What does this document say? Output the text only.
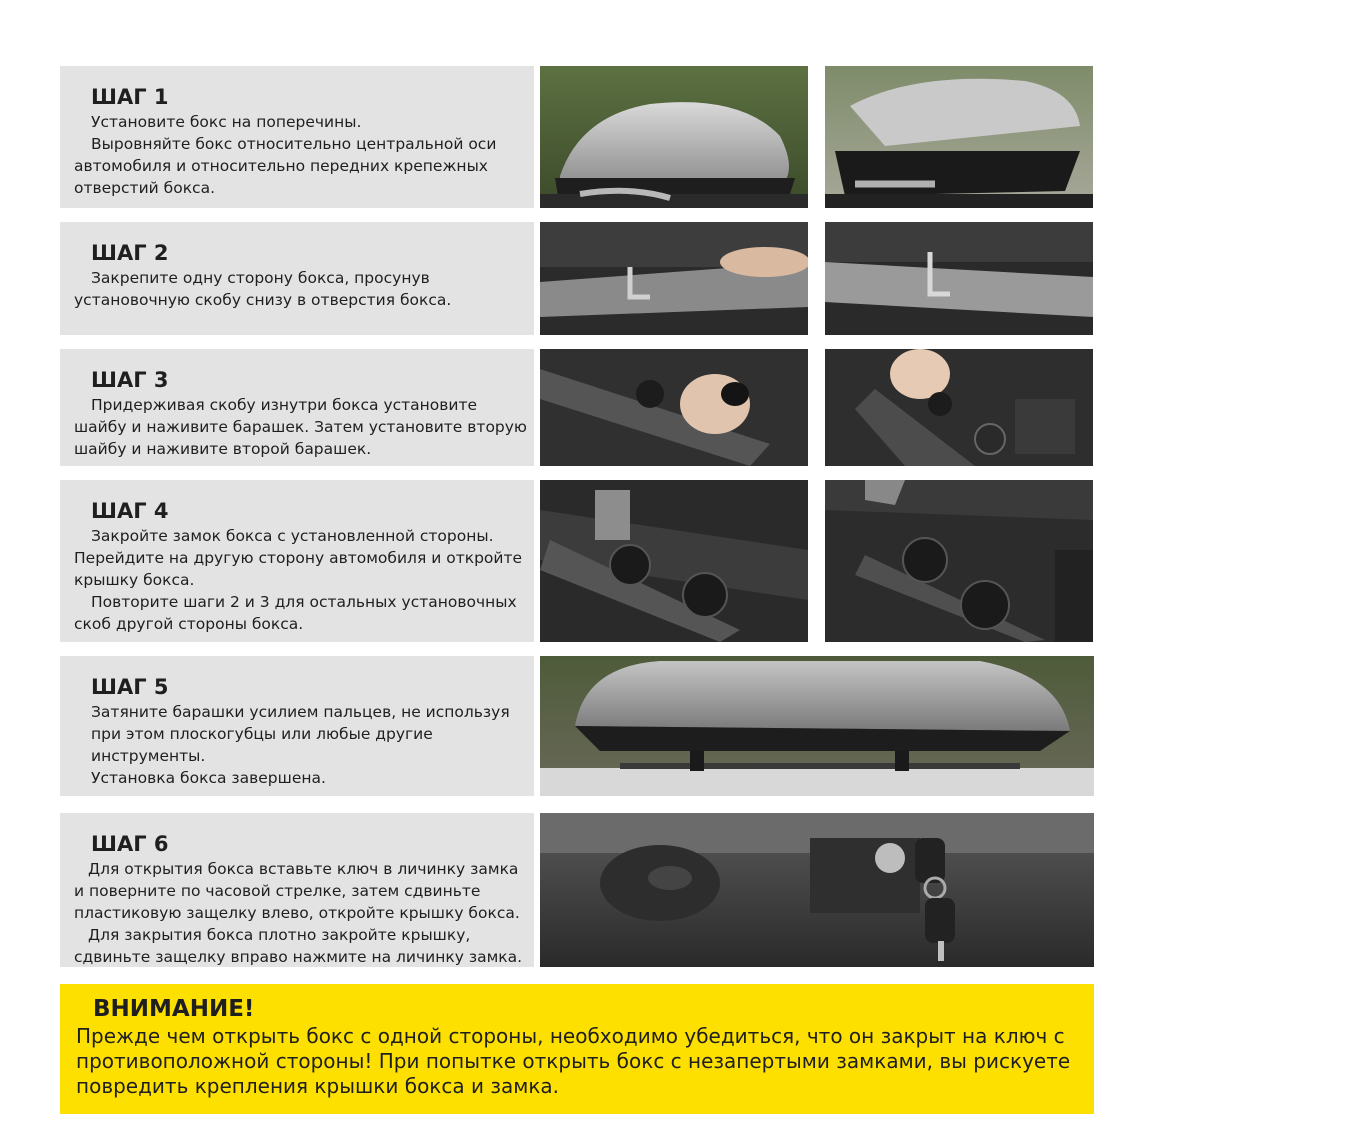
ШАГ 1

Установите бокс на поперечины.

Выровняйте бокс относительно центральной оси автомобиля и относительно передних крепежных отверстий бокса.

ШАГ 2

Закрепите одну сторону бокса, просунув установочную скобу снизу в отверстия бокса.

ШАГ 3

Придерживая скобу изнутри бокса установите шайбу и наживите барашек. Затем установите вторую шайбу и наживите второй барашек.

ШАГ 4

Закройте замок бокса с установленной стороны. Перейдите на другую сторону автомобиля и откройте крышку бокса.

Повторите шаги 2 и 3 для остальных установочных скоб другой стороны бокса.

ШАГ 5

Затяните барашки усилием пальцев, не используя при этом плоскогубцы или любые другие инструменты.

Установка бокса завершена.

ШАГ 6

Для открытия бокса вставьте ключ в личинку замка и поверните по часовой стрелке, затем сдвиньте пластиковую защелку влево, откройте крышку бокса.

Для закрытия бокса плотно закройте крышку, сдвиньте защелку вправо нажмите на личинку замка.

ВНИМАНИЕ!

Прежде чем открыть бокс с одной стороны, необходимо убедиться, что он закрыт на ключ с противоположной стороны! При попытке открыть бокс с незапертыми замками, вы рискуете повредить крепления крышки бокса и замка.
